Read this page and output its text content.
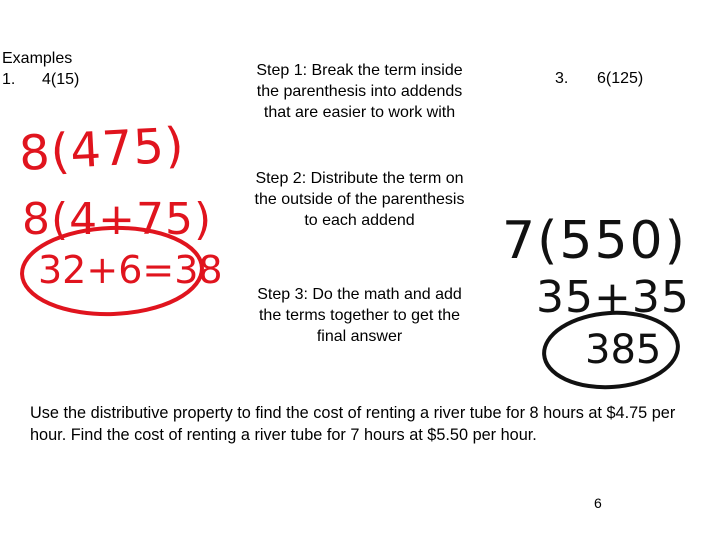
Examples
1. 4(15)	3. 6(125)
Step 1: Break the term inside the parenthesis into addends that are easier to work with
Step 2: Distribute the term on the outside of the parenthesis to each addend
Step 3: Do the math and add the terms together to get the final answer
Use the distributive property to find the cost of renting a river tube for 8 hours at $4.75 per hour. Find the cost of renting a river tube for 7 hours at $5.50 per hour.
6
8(475)
8(4+75)
32+6=38	7(550)
35+35
385
